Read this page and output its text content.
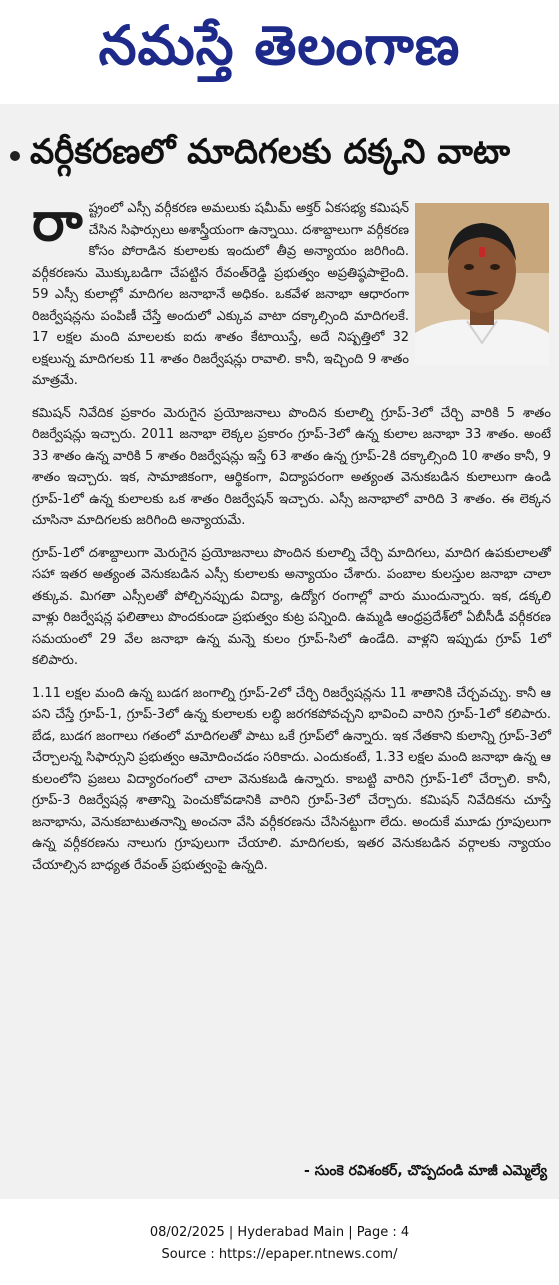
నమస్తే తెలంగాణ
వర్గీకరణలో మాదిగలకు దక్కని వాటా

రాష్ట్రంలో ఎస్సీ వర్గీకరణ అమలుకు షమీమ్ అక్తర్ ఏకసభ్య కమిషన్ చేసిన సిఫార్సులు అశాస్త్రీయంగా ఉన్నాయి. దశాబ్దాలుగా వర్గీకరణ కోసం పోరాడిన కులాలకు ఇందులో తీవ్ర అన్యాయం జరిగింది. వర్గీకరణను మొక్కుబడిగా చేపట్టిన రేవంత్‌రెడ్డి ప్రభుత్వం అప్రతిష్ఠపాలైంది. 59 ఎస్సీ కులాల్లో మాదిగల జనాభానే అధికం. ఒకవేళ జనాభా ఆధారంగా రిజర్వేషన్లను పంపిణీ చేస్తే అందులో ఎక్కువ వాటా దక్కాల్సింది మాదిగలకే. 17 లక్షల మంది మాలలకు ఐదు శాతం కేటాయిస్తే, అదే నిష్పత్తిలో 32 లక్షలున్న మాదిగలకు 11 శాతం రిజర్వేషన్లు రావాలి. కానీ, ఇచ్చింది 9 శాతం మాత్రమే.

కమిషన్ నివేదిక ప్రకారం మెరుగైన ప్రయోజనాలు పొందిన కులాల్ని గ్రూప్-3లో చేర్చి వారికి 5 శాతం రిజర్వేషన్లు ఇచ్చారు. 2011 జనాభా లెక్కల ప్రకారం గ్రూప్-3లో ఉన్న కులాల జనాభా 33 శాతం. అంటే 33 శాతం ఉన్న వారికి 5 శాతం రిజర్వేషన్లు ఇస్తే 63 శాతం ఉన్న గ్రూప్-2కి దక్కాల్సింది 10 శాతం కానీ, 9 శాతం ఇచ్చారు. ఇక, సామాజికంగా, ఆర్థికంగా, విద్యాపరంగా అత్యంత వెనుకబడిన కులాలుగా ఉండి గ్రూప్-1లో ఉన్న కులాలకు ఒక శాతం రిజర్వేషన్ ఇచ్చారు. ఎస్సీ జనాభాలో వారిది 3 శాతం. ఈ లెక్కన చూసినా మాదిగలకు జరిగింది అన్యాయమే.

గ్రూప్-1లో దశాబ్దాలుగా మెరుగైన ప్రయోజనాలు పొందిన కులాల్ని చేర్చి మాదిగలు, మాదిగ ఉపకులాలతో సహా ఇతర అత్యంత వెనుకబడిన ఎస్సీ కులాలకు అన్యాయం చేశారు. పంబాల కులస్తుల జనాభా చాలా తక్కువ. మిగతా ఎస్సీలతో పోల్చినప్పుడు విద్యా, ఉద్యోగ రంగాల్లో వారు ముందున్నారు. ఇక, డక్కలి వాళ్లు రిజర్వేషన్ల ఫలితాలు పొందకుండా ప్రభుత్వం కుట్ర పన్నింది. ఉమ్మడి ఆంధ్రప్రదేశ్‌లో ఏబీసీడీ వర్గీకరణ సమయంలో 29 వేల జనాభా ఉన్న మన్నె కులం గ్రూప్-సిలో ఉండేది. వాళ్లని ఇప్పుడు గ్రూప్ 1లో కలిపారు.

1.11 లక్షల మంది ఉన్న బుడగ జంగాల్ని గ్రూప్-2లో చేర్చి రిజర్వేషన్లను 11 శాతానికి చేర్చవచ్చు. కానీ ఆ పని చేస్తే గ్రూప్-1, గ్రూప్-3లో ఉన్న కులాలకు లబ్ధి జరగకపోవచ్చని భావించి వారిని గ్రూప్-1లో కలిపారు. బేడ, బుడగ జంగాలు గతంలో మాదిగలతో పాటు ఒకే గ్రూప్‌లో ఉన్నారు. ఇక నేతకాని కులాన్ని గ్రూప్-3లో చేర్చాలన్న సిఫార్సుని ప్రభుత్వం ఆమోదించడం సరికాదు. ఎందుకంటే, 1.33 లక్షల మంది జనాభా ఉన్న ఆ కులంలోని ప్రజలు విద్యారంగంలో చాలా వెనుకబడి ఉన్నారు. కాబట్టి వారిని గ్రూప్-1లో చేర్చాలి. కానీ, గ్రూప్-3 రిజర్వేషన్ల శాతాన్ని పెంచుకోవడానికి వారిని గ్రూప్-3లో చేర్చారు. కమిషన్ నివేదికను చూస్తే జనాభాను, వెనుకబాటుతనాన్ని అంచనా వేసి వర్గీకరణను చేసినట్టుగా లేదు. అందుకే మూడు గ్రూపులుగా ఉన్న వర్గీకరణను నాలుగు గ్రూపులుగా చేయాలి. మాదిగలకు, ఇతర వెనుకబడిన వర్గాలకు న్యాయం చేయాల్సిన బాధ్యత రేవంత్ ప్రభుత్వంపై ఉన్నది.

- సుంకె రవిశంకర్, చొప్పదండి మాజీ ఎమ్మెల్యే
08/02/2025 | Hyderabad Main | Page : 4
Source : https://epaper.ntnews.com/
